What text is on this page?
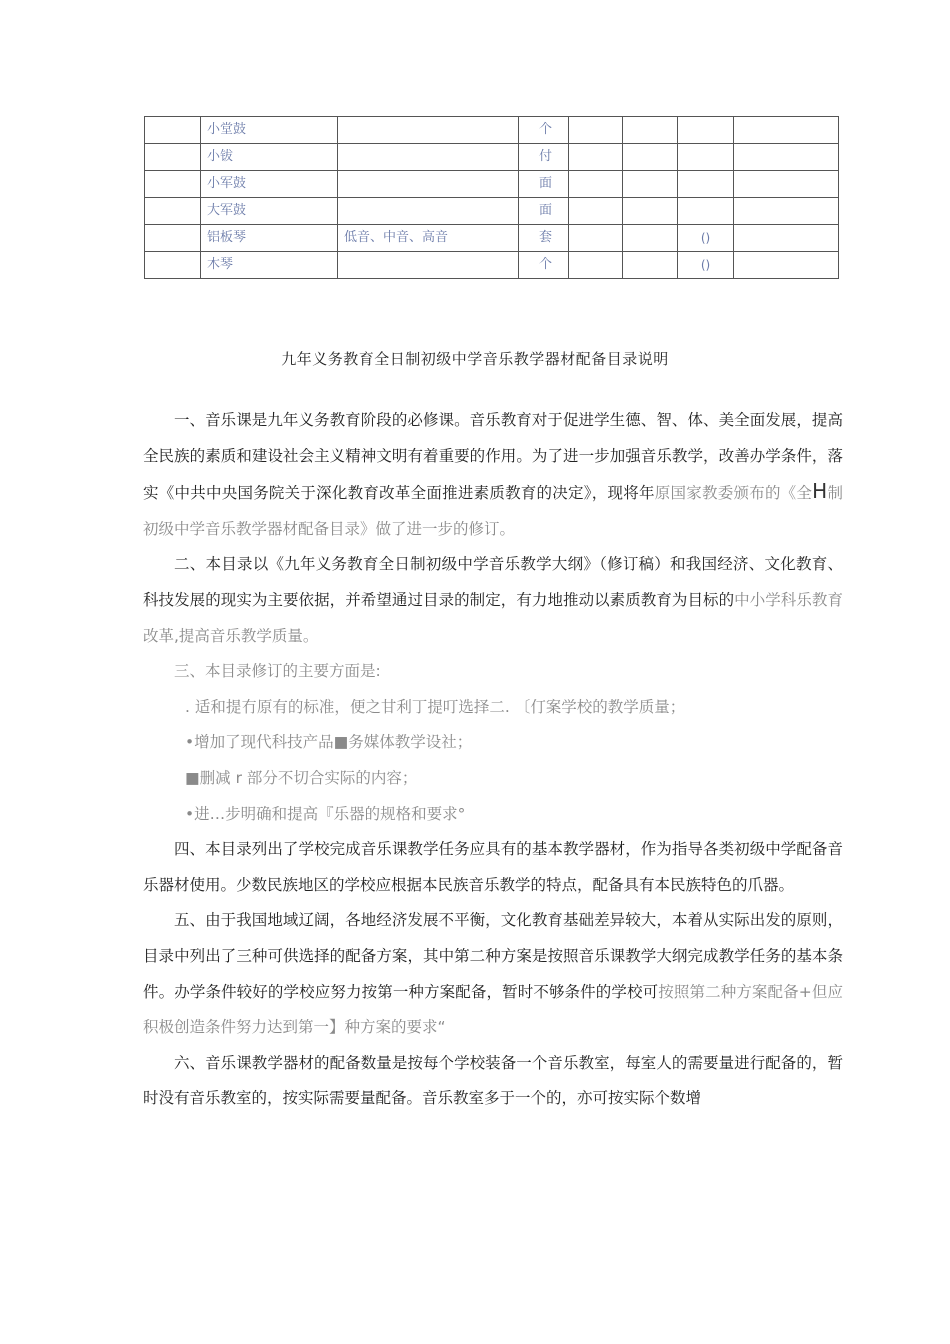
	小堂鼓		个				
	小钹		付				
	小军鼓		面				
	大军鼓		面				
	铝板琴	低音、中音、高音	套			()	
	木琴		个			()	
九年义务教育全日制初级中学音乐教学器材配备目录说明

一、音乐课是九年义务教育阶段的必修课。音乐教育对于促进学生德、智、体、美全面发展，提高全民族的素质和建设社会主义精神文明有着重要的作用。为了进一步加强音乐教学，改善办学条件，落实《中共中央国务院关于深化教育改革全面推进素质教育的决定》，现将年原国家教委颁布的《全H制初级中学音乐教学器材配备目录》做了进一步的修订。

二、本目录以《九年义务教育全日制初级中学音乐教学大纲》（修订稿）和我国经济、文化教育、科技发展的现实为主要依据，并希望通过目录的制定，有力地推动以素质教育为目标的中小学科乐教育改革,提高音乐教学质量。

三、本目录修订的主要方面是:

. 适和提冇原有的标准，便之甘利丁提叮选择二. 〔仃案学校的教学质量；

•增加了现代科技产品■务媒体教学设社；

■删减 r 部分不切合实际的内容；

•进…步明确和提高『乐器的规格和要求°

四、本目录列出了学校完成音乐课教学任务应具有的基本教学器材，作为指导各类初级中学配备音乐器材使用。少数民族地区的学校应根据本民族音乐教学的特点，配备具有本民族特色的爪器。

五、由于我国地域辽阔，各地经济发展不平衡，文化教育基础差异较大，本着从实际出发的原则，目录中列出了三种可供选择的配备方案，其中第二种方案是按照音乐课教学大纲完成教学任务的基本条件。办学条件较好的学校应努力按第一种方案配备，暂时不够条件的学校可按照第二种方案配备+但应积极创造条件努力达到第一】种方案的要求“

六、音乐课教学器材的配备数量是按每个学校装备一个音乐教室，每室人的需要量进行配备的，暂时没有音乐教室的，按实际需要量配备。音乐教室多于一个的，亦可按实际个数增
